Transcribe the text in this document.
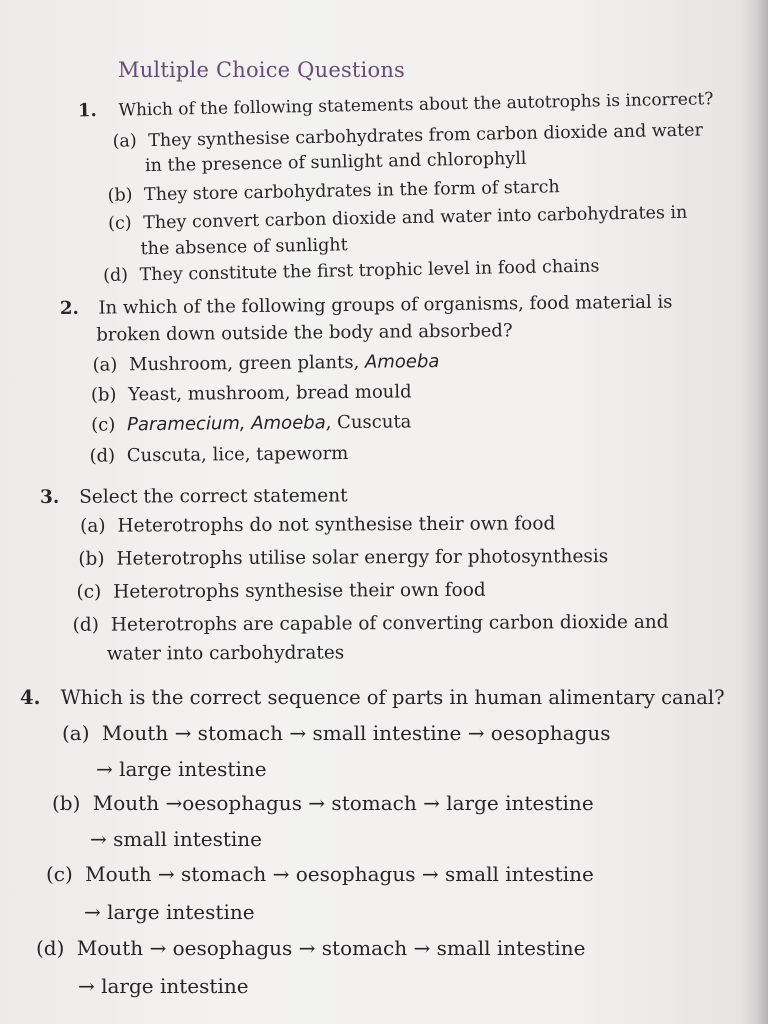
Multiple Choice Questions
1. Which of the following statements about the autotrophs is incorrect?
(a) They synthesise carbohydrates from carbon dioxide and water
in the presence of sunlight and chlorophyll
(b) They store carbohydrates in the form of starch
(c) They convert carbon dioxide and water into carbohydrates in
the absence of sunlight
(d) They constitute the first trophic level in food chains
2. In which of the following groups of organisms, food material is
broken down outside the body and absorbed?
(a) Mushroom, green plants, Amoeba
(b) Yeast, mushroom, bread mould
(c) Paramecium, Amoeba, Cuscuta
(d) Cuscuta, lice, tapeworm
3. Select the correct statement
(a) Heterotrophs do not synthesise their own food
(b) Heterotrophs utilise solar energy for photosynthesis
(c) Heterotrophs synthesise their own food
(d) Heterotrophs are capable of converting carbon dioxide and
water into carbohydrates
4. Which is the correct sequence of parts in human alimentary canal?
(a) Mouth → stomach → small intestine → oesophagus
→ large intestine
(b) Mouth →oesophagus → stomach → large intestine
→ small intestine
(c) Mouth → stomach → oesophagus → small intestine
→ large intestine
(d) Mouth → oesophagus → stomach → small intestine
→ large intestine
